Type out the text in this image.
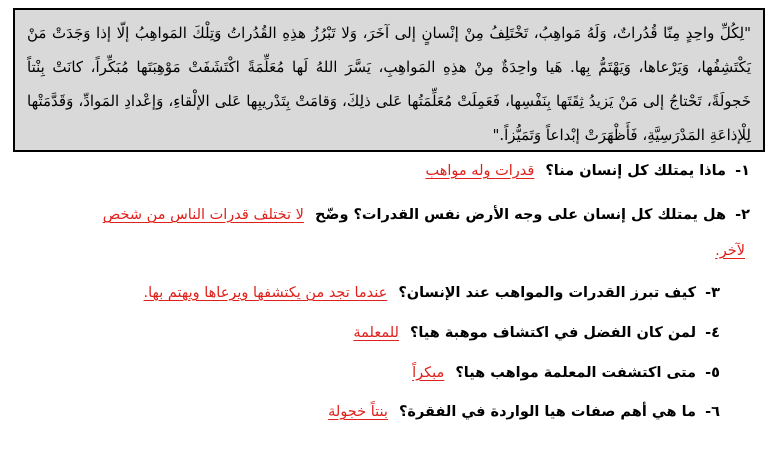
"لِكُلِّ واحِدٍ مِنّا قُدُراتٌ، وَلَهُ مَواهِبُ، تَخْتَلِفُ مِنْ إنْسانٍ إلى آخَرَ، وَلا تَبْرُزُ هذِهِ القُدُراتُ وَتِلْكَ المَواهِبُ إلّا إذا وَجَدَتْ مَنْ يَكْتَشِفُها، وَيَرْعاها، وَيَهْتَمُّ بِها. هَيا واحِدَةٌ مِنْ هذِهِ المَواهِبِ، يَسَّرَ اللهُ لَها مُعَلِّمَةً اكْتَشَفَتْ مَوْهِبَتَها مُبَكِّراً، كانَتْ بِنْتاً خَجولَةً، تَحْتاجُ إلى مَنْ يَزيدُ ثِقَتَها بِنَفْسِها، فَعَمِلَتْ مُعَلِّمَتُها عَلى ذلِكَ، وَقامَتْ بِتَدْريبِها عَلى الإلْقاءِ، وَإعْدادِ المَوادِّ، وَقَدَّمَتْها لِلْإذاعَةِ المَدْرَسِيَّةِ، فَأَظْهَرَتْ إبْداعاً وَتَمَيُّزاً."
١- ماذا يمتلك كل إنسان منا؟ قدرات وله مواهب
٢- هل يمتلك كل إنسان على وجه الأرض نفس القدرات؟ وضّح لا تختلف قدرات الناس من شخص
لآخر.
٣- كيف تبرز القدرات والمواهب عند الإنسان؟ عندما تجد من يكتشفها ويرعاها ويهتم بها.
٤- لمن كان الفضل في اكتشاف موهبة هيا؟ للمعلمة
٥- متى اكتشفت المعلمة مواهب هيا؟ مبكراً
٦- ما هي أهم صفات هيا الواردة في الفقرة؟ بنتاً خجولة
